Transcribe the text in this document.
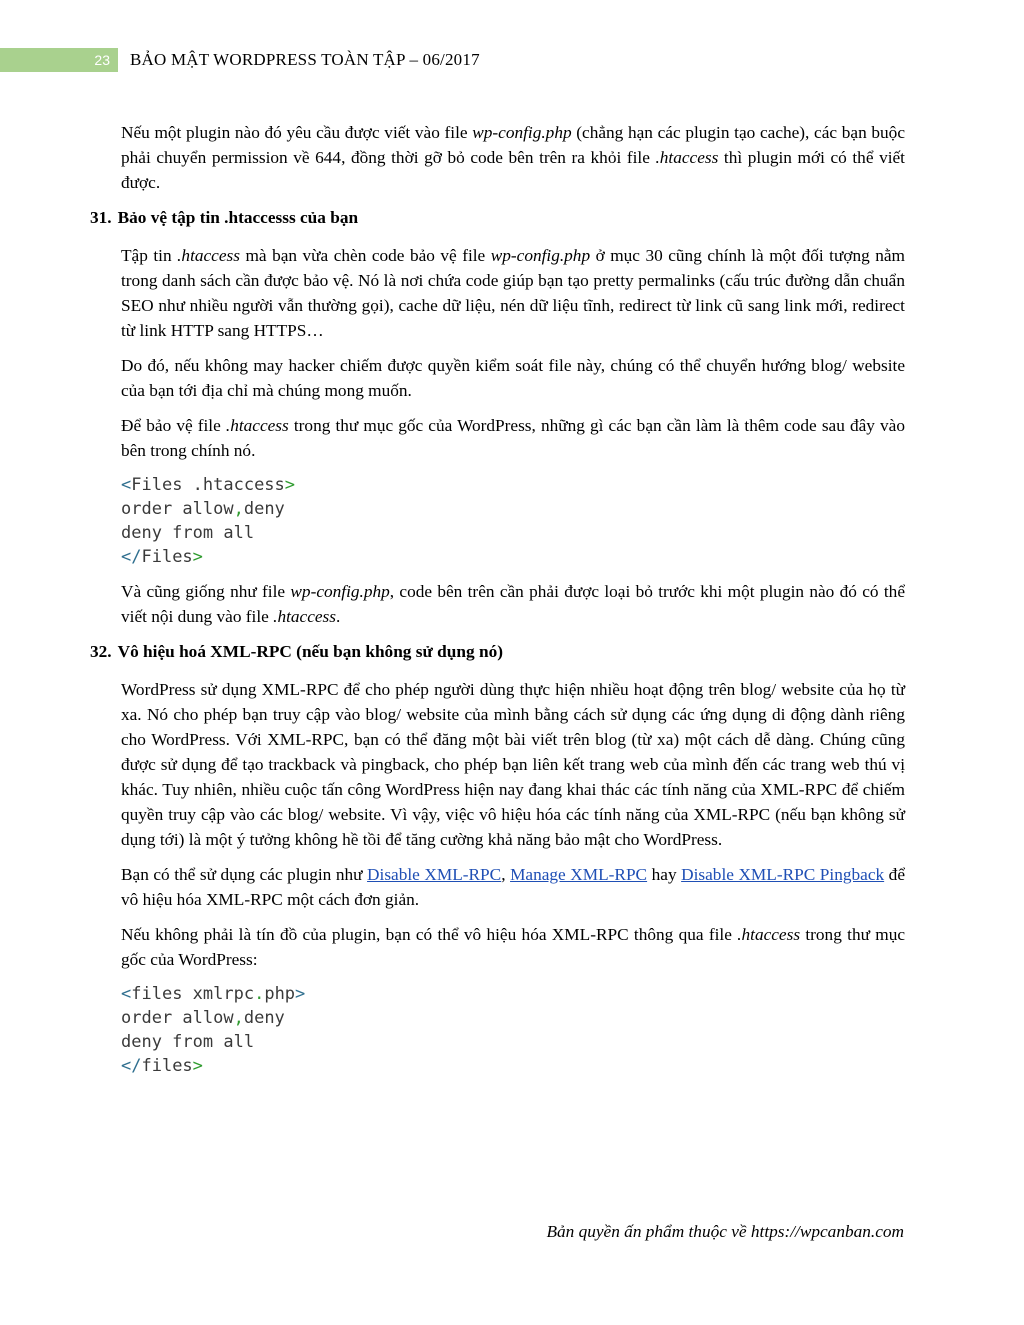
23	BẢO MẬT WORDPRESS TOÀN TẬP – 06/2017

Nếu một plugin nào đó yêu cầu được viết vào file wp-config.php (chẳng hạn các plugin tạo cache), các bạn buộc phải chuyển permission về 644, đồng thời gỡ bỏ code bên trên ra khỏi file .htaccess thì plugin mới có thể viết được.

31. Bảo vệ tập tin .htaccesss của bạn

Tập tin .htaccess mà bạn vừa chèn code bảo vệ file wp-config.php ở mục 30 cũng chính là một đối tượng nằm trong danh sách cần được bảo vệ. Nó là nơi chứa code giúp bạn tạo pretty permalinks (cấu trúc đường dẫn chuẩn SEO như nhiều người vẫn thường gọi), cache dữ liệu, nén dữ liệu tĩnh, redirect từ link cũ sang link mới, redirect từ link HTTP sang HTTPS…

Do đó, nếu không may hacker chiếm được quyền kiểm soát file này, chúng có thể chuyển hướng blog/ website của bạn tới địa chỉ mà chúng mong muốn.

Để bảo vệ file .htaccess trong thư mục gốc của WordPress, những gì các bạn cần làm là thêm code sau đây vào bên trong chính nó.

<Files .htaccess>
order allow,deny
deny from all
</Files>

Và cũng giống như file wp-config.php, code bên trên cần phải được loại bỏ trước khi một plugin nào đó có thể viết nội dung vào file .htaccess.

32. Vô hiệu hoá XML-RPC (nếu bạn không sử dụng nó)

WordPress sử dụng XML-RPC để cho phép người dùng thực hiện nhiều hoạt động trên blog/ website của họ từ xa. Nó cho phép bạn truy cập vào blog/ website của mình bằng cách sử dụng các ứng dụng di động dành riêng cho WordPress. Với XML-RPC, bạn có thể đăng một bài viết trên blog (từ xa) một cách dễ dàng. Chúng cũng được sử dụng để tạo trackback và pingback, cho phép bạn liên kết trang web của mình đến các trang web thú vị khác. Tuy nhiên, nhiều cuộc tấn công WordPress hiện nay đang khai thác các tính năng của XML-RPC để chiếm quyền truy cập vào các blog/ website. Vì vậy, việc vô hiệu hóa các tính năng của XML-RPC (nếu bạn không sử dụng tới) là một ý tưởng không hề tồi để tăng cường khả năng bảo mật cho WordPress.

Bạn có thể sử dụng các plugin như Disable XML-RPC, Manage XML-RPC hay Disable XML-RPC Pingback để vô hiệu hóa XML-RPC một cách đơn giản.

Nếu không phải là tín đồ của plugin, bạn có thể vô hiệu hóa XML-RPC thông qua file .htaccess trong thư mục gốc của WordPress:

<files xmlrpc.php>
order allow,deny
deny from all
</files>
Bản quyền ấn phẩm thuộc về https://wpcanban.com
